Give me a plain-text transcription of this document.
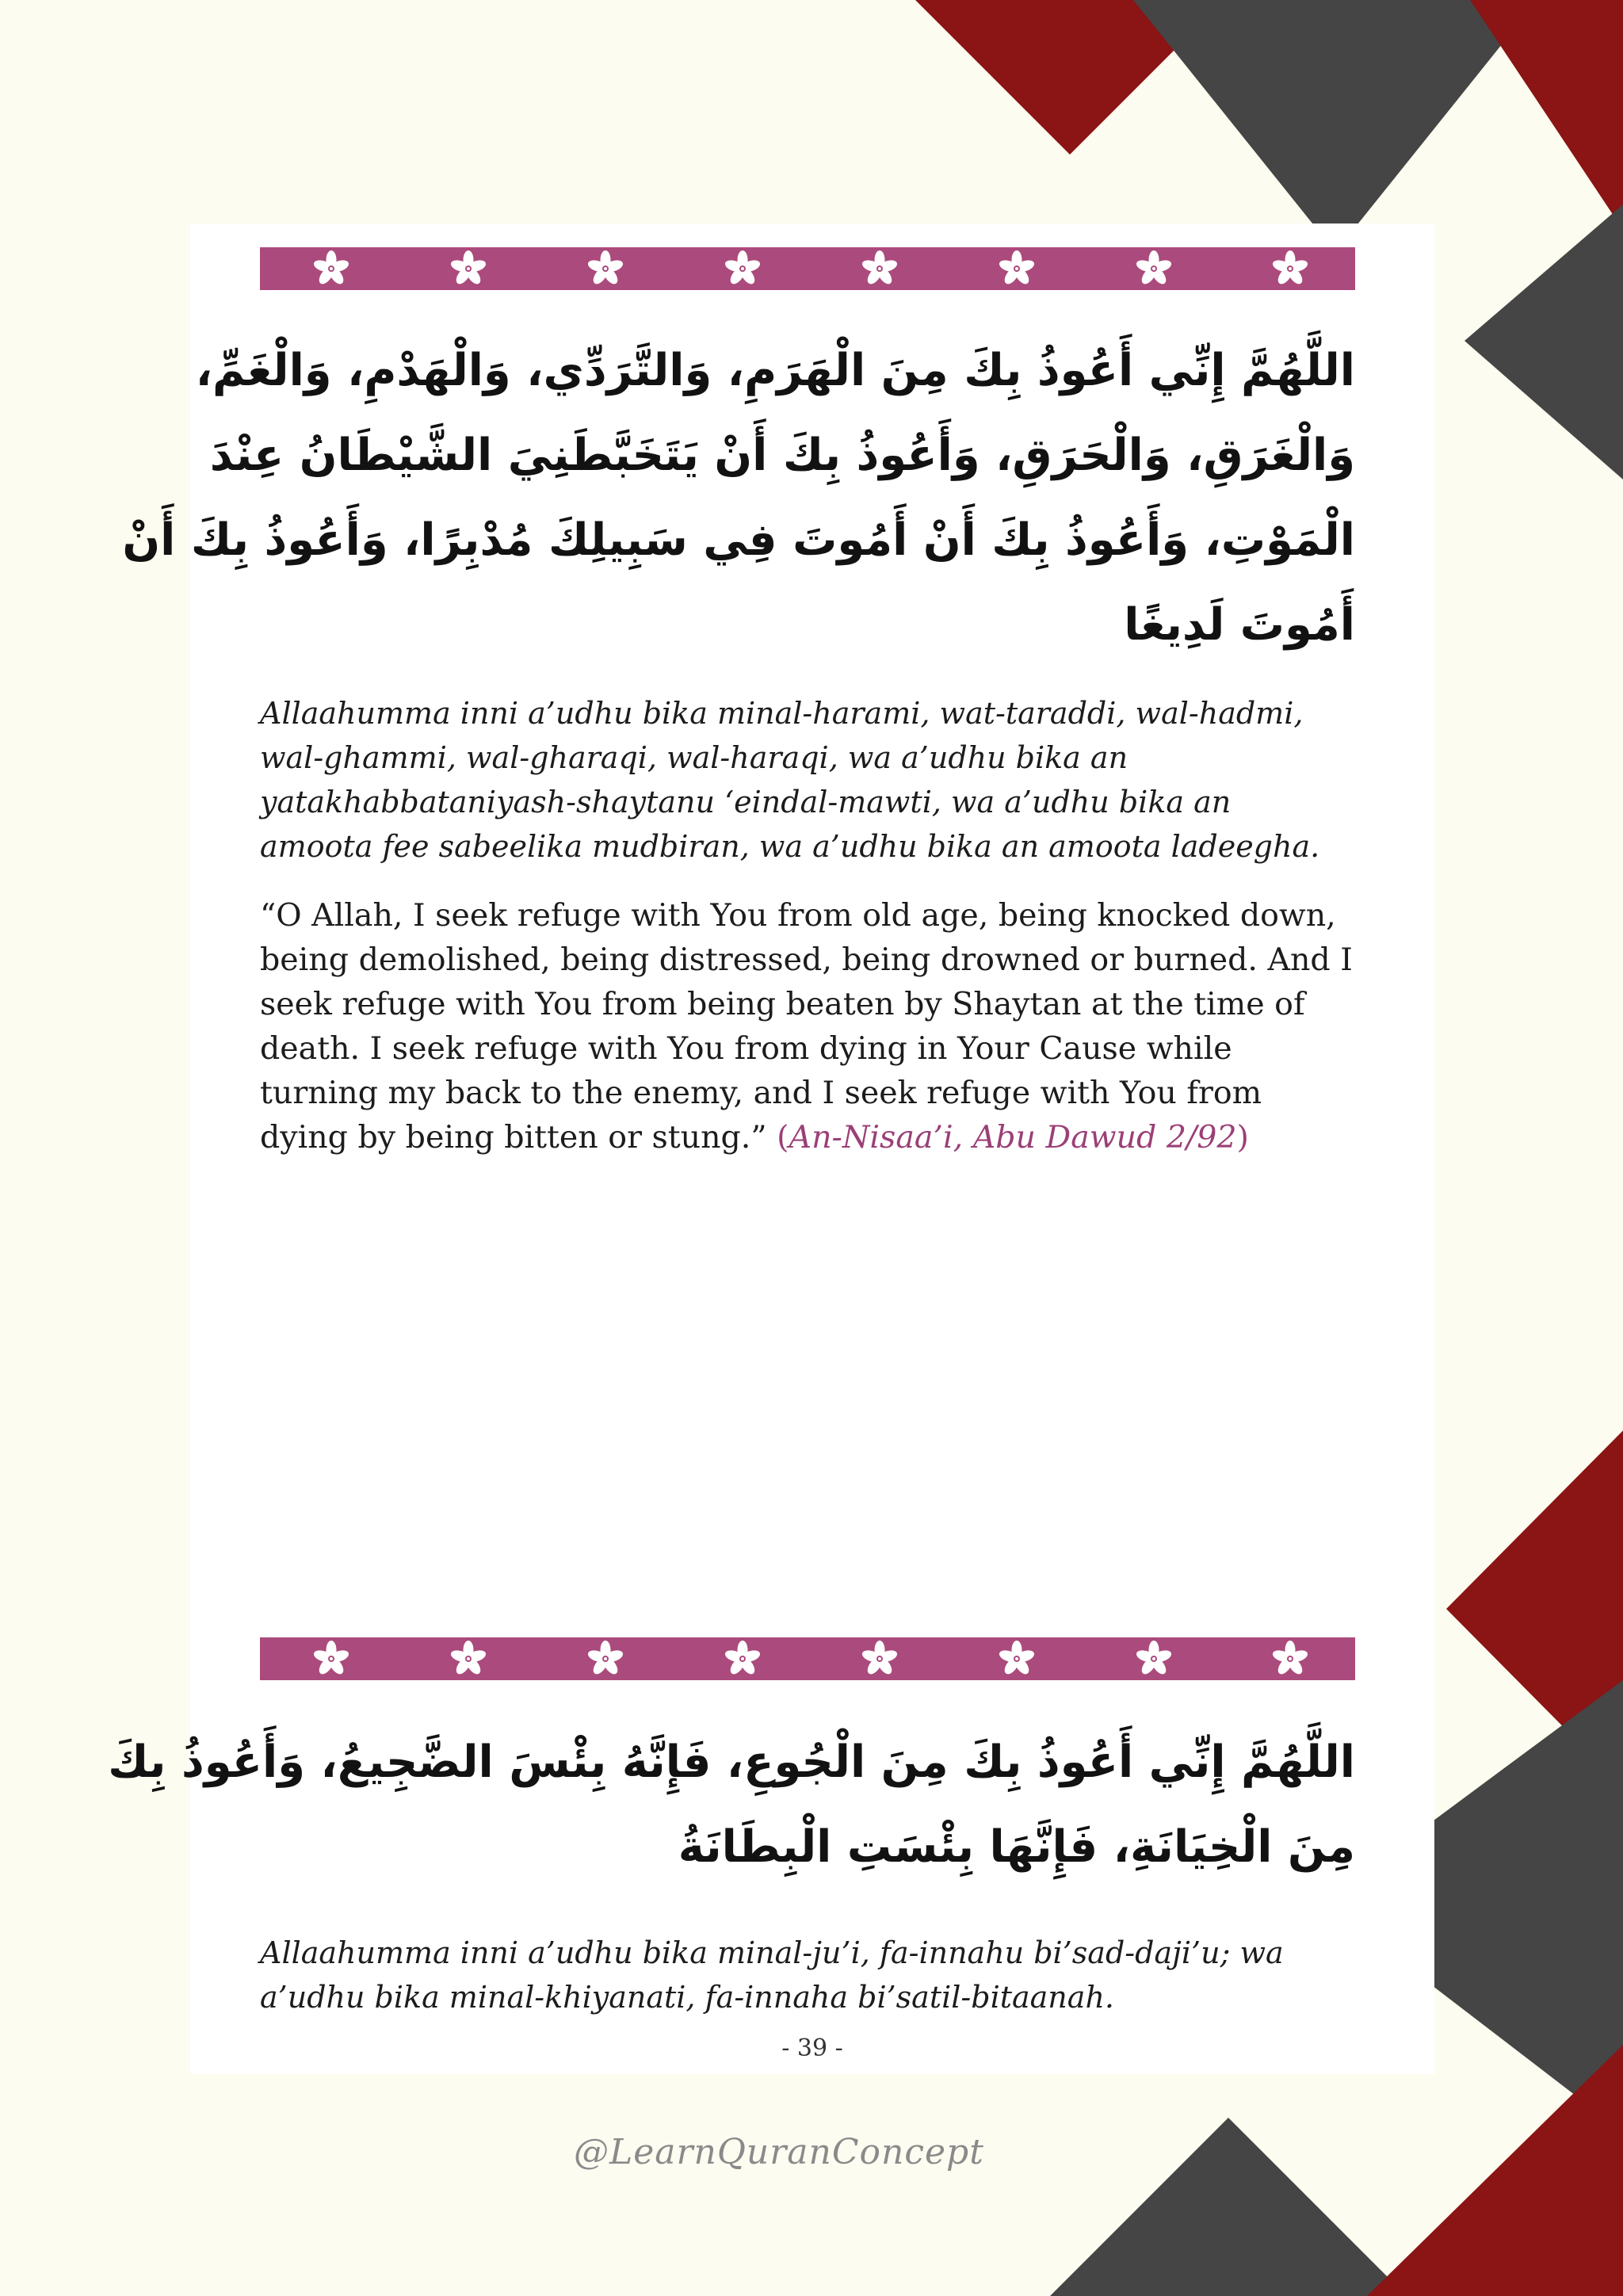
اللَّهُمَّ إِنِّي أَعُوذُ بِكَ مِنَ الْهَرَمِ، وَالتَّرَدِّي، وَالْهَدْمِ، وَالْغَمِّ،
وَالْغَرَقِ، وَالْحَرَقِ، وَأَعُوذُ بِكَ أَنْ يَتَخَبَّطَنِيَ الشَّيْطَانُ عِنْدَ
الْمَوْتِ، وَأَعُوذُ بِكَ أَنْ أَمُوتَ فِي سَبِيلِكَ مُدْبِرًا، وَأَعُوذُ بِكَ أَنْ
أَمُوتَ لَدِيغًا
Allaahumma inni a’udhu bika minal-harami, wat-taraddi, wal-hadmi,
wal-ghammi, wal-gharaqi, wal-haraqi, wa a’udhu bika an
yatakhabbataniyash-shaytanu ‘eindal-mawti, wa a’udhu bika an
amoota fee sabeelika mudbiran, wa a’udhu bika an amoota ladeegha.
“O Allah, I seek refuge with You from old age, being knocked down,
being demolished, being distressed, being drowned or burned. And I
seek refuge with You from being beaten by Shaytan at the time of
death. I seek refuge with You from dying in Your Cause while
turning my back to the enemy, and I seek refuge with You from
dying by being bitten or stung.” (An-Nisaa’i, Abu Dawud 2/92)
اللَّهُمَّ إِنِّي أَعُوذُ بِكَ مِنَ الْجُوعِ، فَإِنَّهُ بِئْسَ الضَّجِيعُ، وَأَعُوذُ بِكَ
مِنَ الْخِيَانَةِ، فَإِنَّهَا بِئْسَتِ الْبِطَانَةُ
Allaahumma inni a’udhu bika minal-ju’i, fa-innahu bi’sad-daji’u; wa
a’udhu bika minal-khiyanati, fa-innaha bi’satil-bitaanah.
- 39 -
@LearnQuranConcept
